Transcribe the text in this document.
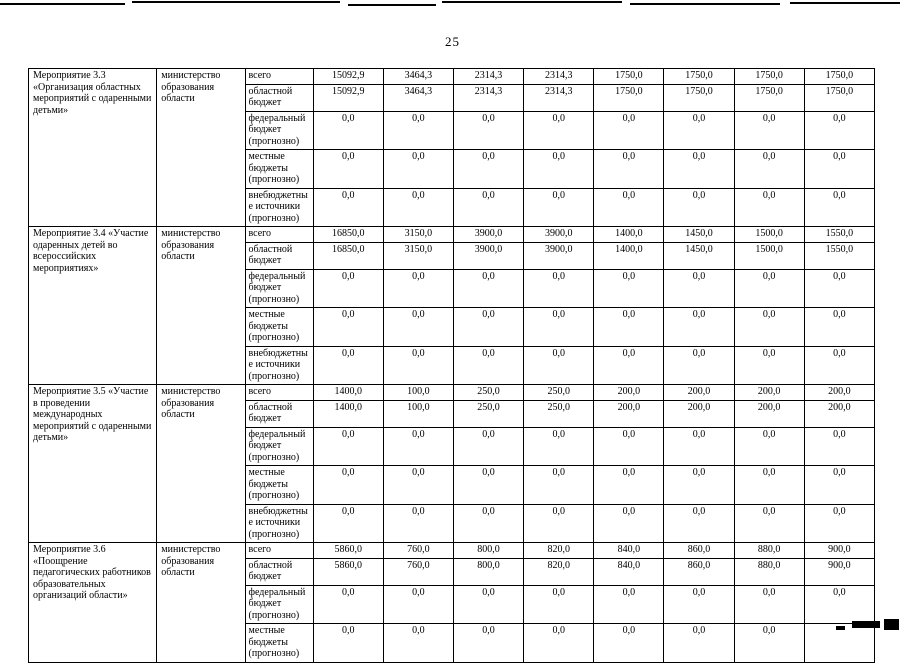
25
Мероприятие 3.3 «Организация областных мероприятий с одаренными детьми»	министерство образования области	всего	15092,9	3464,3	2314,3	2314,3	1750,0	1750,0	1750,0	1750,0
		областной бюджет	15092,9	3464,3	2314,3	2314,3	1750,0	1750,0	1750,0	1750,0
		федеральный бюджет (прогнозно)	0,0	0,0	0,0	0,0	0,0	0,0	0,0	0,0
		местные бюджеты (прогнозно)	0,0	0,0	0,0	0,0	0,0	0,0	0,0	0,0
		внебюджетные источники (прогнозно)	0,0	0,0	0,0	0,0	0,0	0,0	0,0	0,0
Мероприятие 3.4 «Участие одаренных детей во всероссийских мероприятиях»	министерство образования области	всего	16850,0	3150,0	3900,0	3900,0	1400,0	1450,0	1500,0	1550,0
		областной бюджет	16850,0	3150,0	3900,0	3900,0	1400,0	1450,0	1500,0	1550,0
		федеральный бюджет (прогнозно)	0,0	0,0	0,0	0,0	0,0	0,0	0,0	0,0
		местные бюджеты (прогнозно)	0,0	0,0	0,0	0,0	0,0	0,0	0,0	0,0
		внебюджетные источники (прогнозно)	0,0	0,0	0,0	0,0	0,0	0,0	0,0	0,0
Мероприятие 3.5 «Участие в проведении международных мероприятий с одаренными детьми»	министерство образования области	всего	1400,0	100,0	250,0	250,0	200,0	200,0	200,0	200,0
		областной бюджет	1400,0	100,0	250,0	250,0	200,0	200,0	200,0	200,0
		федеральный бюджет (прогнозно)	0,0	0,0	0,0	0,0	0,0	0,0	0,0	0,0
		местные бюджеты (прогнозно)	0,0	0,0	0,0	0,0	0,0	0,0	0,0	0,0
		внебюджетные источники (прогнозно)	0,0	0,0	0,0	0,0	0,0	0,0	0,0	0,0
Мероприятие 3.6 «Поощрение педагогических работников образовательных организаций области»	министерство образования области	всего	5860,0	760,0	800,0	820,0	840,0	860,0	880,0	900,0
		областной бюджет	5860,0	760,0	800,0	820,0	840,0	860,0	880,0	900,0
		федеральный бюджет (прогнозно)	0,0	0,0	0,0	0,0	0,0	0,0	0,0	0,0
		местные бюджеты (прогнозно)	0,0	0,0	0,0	0,0	0,0	0,0	0,0	
